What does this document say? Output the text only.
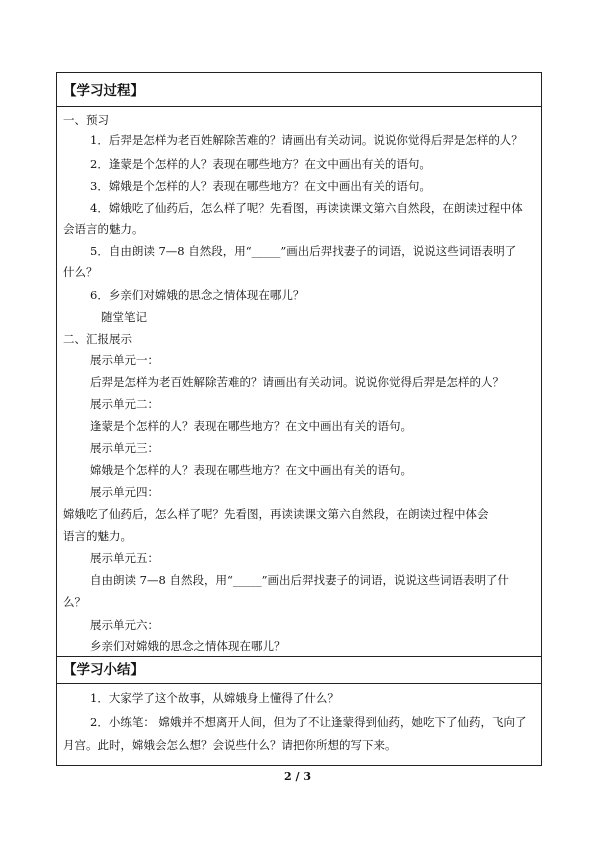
【学习过程】
一、预习
1．后羿是怎样为老百姓解除苦难的？请画出有关动词。说说你觉得后羿是怎样的人？
2．逢蒙是个怎样的人？表现在哪些地方？在文中画出有关的语句。
3．嫦娥是个怎样的人？表现在哪些地方？在文中画出有关的语句。
4．嫦娥吃了仙药后，怎么样了呢？先看图，再读读课文第六自然段，在朗读过程中体
会语言的魅力。
5．自由朗读 7—8 自然段，用“_____”画出后羿找妻子的词语，说说这些词语表明了
什么？
6．乡亲们对嫦娥的思念之情体现在哪儿？
随堂笔记
二、汇报展示
展示单元一：
后羿是怎样为老百姓解除苦难的？请画出有关动词。说说你觉得后羿是怎样的人？
展示单元二：
逢蒙是个怎样的人？表现在哪些地方？在文中画出有关的语句。
展示单元三：
嫦娥是个怎样的人？表现在哪些地方？在文中画出有关的语句。
展示单元四：
嫦娥吃了仙药后，怎么样了呢？先看图，再读读课文第六自然段，在朗读过程中体会
语言的魅力。
展示单元五：
自由朗读 7—8 自然段，用“_____”画出后羿找妻子的词语，说说这些词语表明了什
么？
展示单元六：
乡亲们对嫦娥的思念之情体现在哪儿？
【学习小结】
1．大家学了这个故事，从嫦娥身上懂得了什么？
2．小练笔： 嫦娥并不想离开人间，但为了不让逢蒙得到仙药，她吃下了仙药，飞向了
月宫。此时，嫦娥会怎么想？会说些什么？请把你所想的写下来。
2 / 3
